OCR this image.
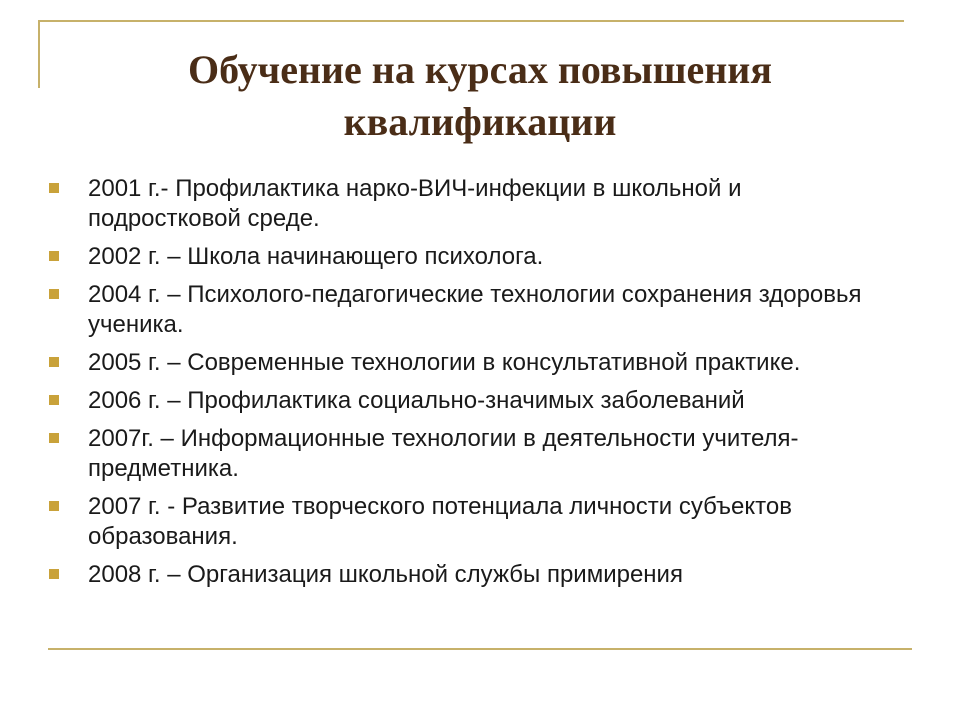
Обучение на курсах повышения квалификации
2001 г.- Профилактика нарко-ВИЧ-инфекции в школьной и подростковой среде.
2002 г. – Школа начинающего психолога.
2004 г. – Психолого-педагогические технологии сохранения здоровья ученика.
2005 г. – Современные технологии в консультативной практике.
2006 г. – Профилактика социально-значимых заболеваний
2007г. – Информационные технологии в деятельности учителя-предметника.
2007 г. - Развитие творческого потенциала личности субъектов образования.
2008 г. – Организация школьной службы примирения
